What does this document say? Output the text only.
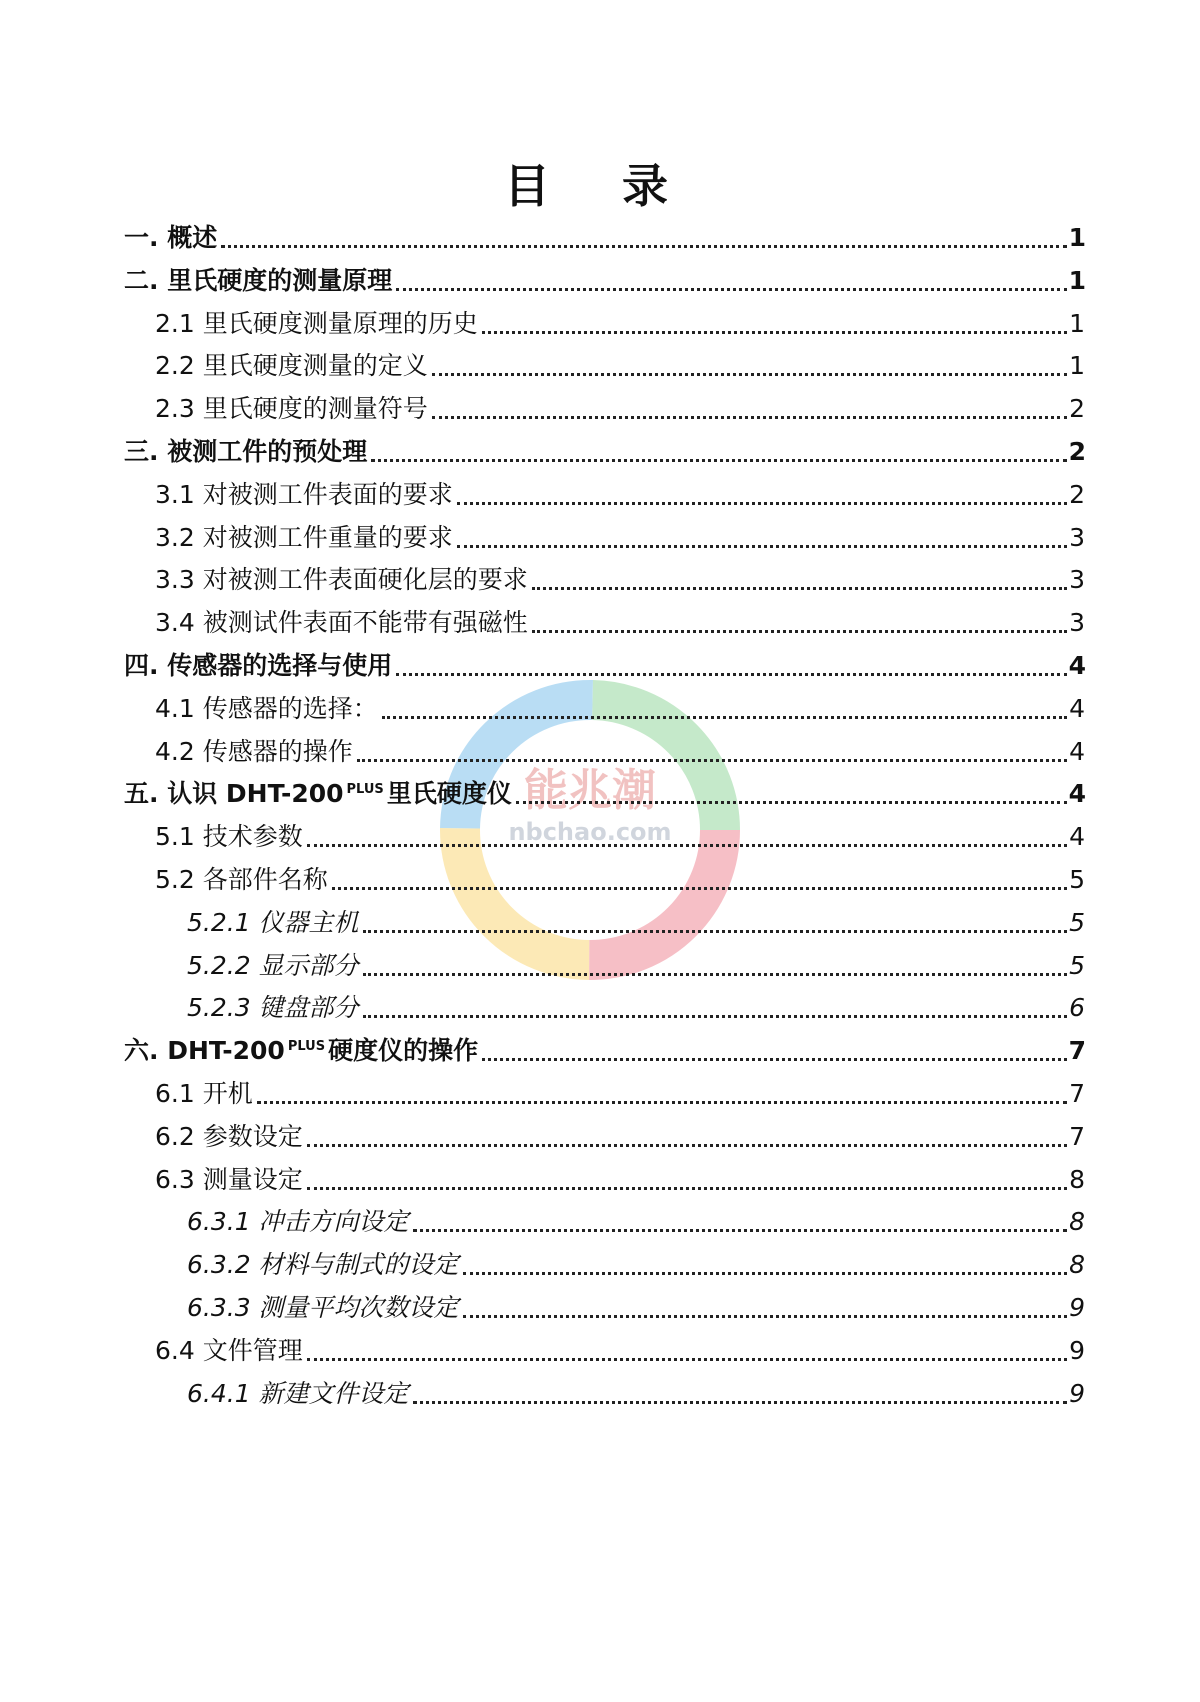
目 录
能兆潮
nbchao.com
一. 概述	1
二. 里氏硬度的测量原理	1
2.1 里氏硬度测量原理的历史	1
2.2 里氏硬度测量的定义	1
2.3 里氏硬度的测量符号	2
三. 被测工件的预处理	2
3.1 对被测工件表面的要求	2
3.2 对被测工件重量的要求	3
3.3 对被测工件表面硬化层的要求	3
3.4 被测试件表面不能带有强磁性	3
四. 传感器的选择与使用	4
4.1 传感器的选择：	4
4.2 传感器的操作	4
五. 认识 DHT-200 $^{PLUS}$ 里氏硬度仪	4
5.1 技术参数	4
5.2 各部件名称	5
5.2.1 仪器主机	5
5.2.2 显示部分	5
5.2.3 键盘部分	6
六. DHT-200 $^{PLUS}$ 硬度仪的操作	7
6.1 开机	7
6.2 参数设定	7
6.3 测量设定	8
6.3.1 冲击方向设定	8
6.3.2 材料与制式的设定	8
6.3.3 测量平均次数设定	9
6.4 文件管理	9
6.4.1 新建文件设定	9
